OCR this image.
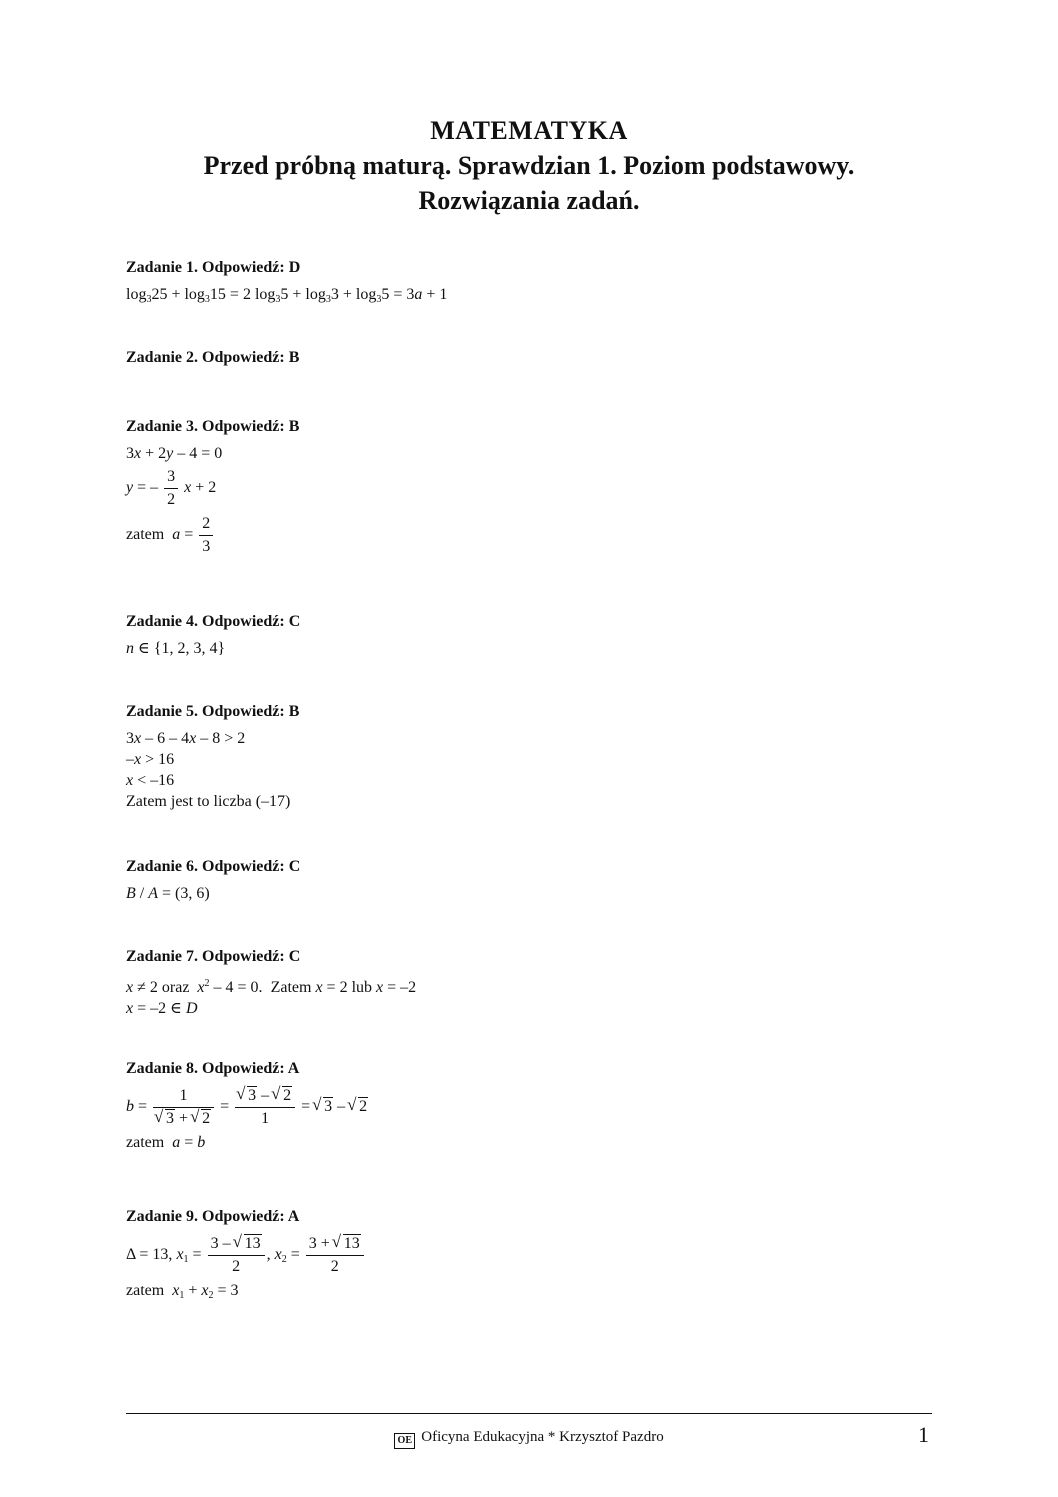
MATEMATYKA
Przed próbną maturą. Sprawdzian 1. Poziom podstawowy.
Rozwiązania zadań.
Zadanie 1. Odpowiedź: D
$\log_325 + \log_315 = 2$ $\log_35 + \log_33 + \log_35 = 3a + 1$
Zadanie 2. Odpowiedź: B
Zadanie 3. Odpowiedź: B
3x + 2y – 4 = 0
y = – $\frac{3}{2}$ x + 2
zatem $a = \frac{2}{3}$
Zadanie 4. Odpowiedź: C
n ∈ {1, 2, 3, 4}
Zadanie 5. Odpowiedź: B
3x – 6 – 4x – 8 > 2
–x > 16
x < –16
Zatem jest to liczba (–17)
Zadanie 6. Odpowiedź: C
B / A = (3, 6)
Zadanie 7. Odpowiedź: C
x ≠ 2 oraz $x^2 - 4 = 0$.  Zatem x = 2 lub x = –2
x = –2 ∈ D
Zadanie 8. Odpowiedź: A
b = 1
√ 3 + √ 2 =
√ $\frac{3 - √ 2}{1}$ = √ 3 – √ 2
zatem a = b
Zadanie 9. Odpowiedź: A
Δ = 13, $x_1 = \frac{3 - √ 13}{2}$ , $x_2 = \frac{3 + √ 13}{2}$
zatem $x_1 + x_2 = 3$
OE Oficyna Edukacyjna * Krzysztof Pazdro	1
